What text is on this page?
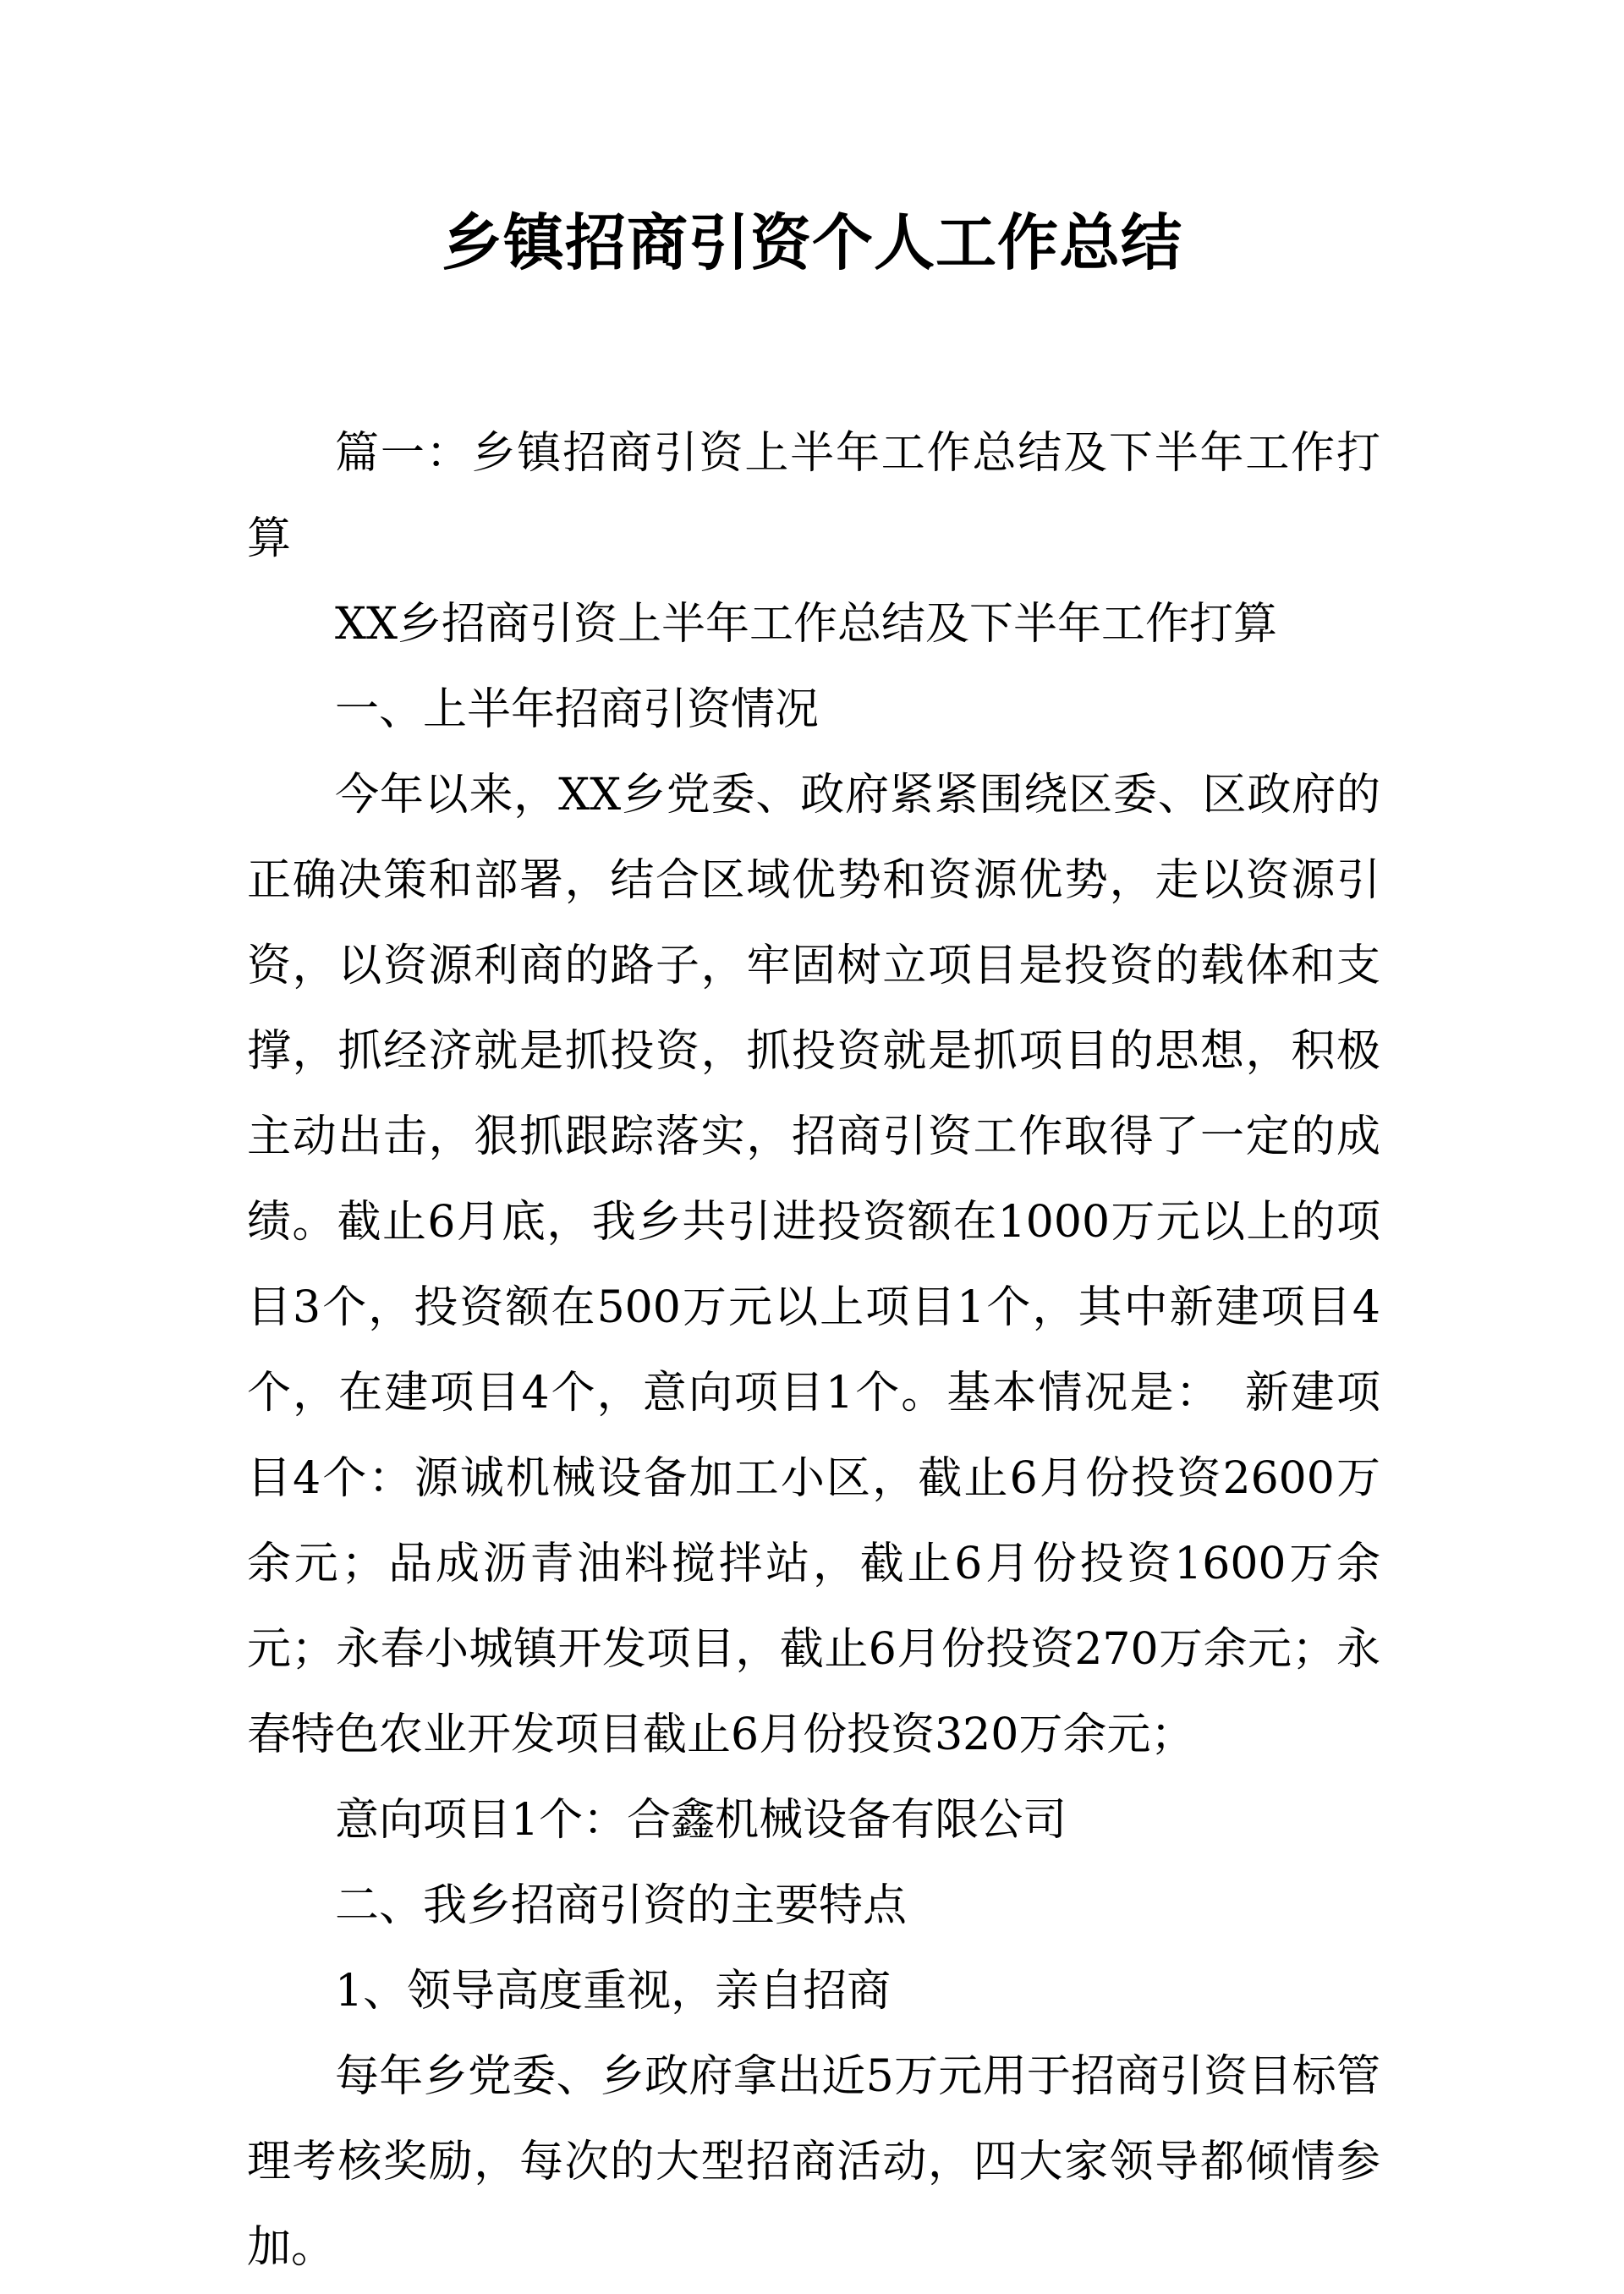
乡镇招商引资个人工作总结

篇一：乡镇招商引资上半年工作总结及下半年工作打算

XX乡招商引资上半年工作总结及下半年工作打算

一、上半年招商引资情况

今年以来，XX乡党委、政府紧紧围绕区委、区政府的正确决策和部署，结合区域优势和资源优势，走以资源引资，以资源利商的路子，牢固树立项目是投资的载体和支撑，抓经济就是抓投资，抓投资就是抓项目的思想，积极主动出击，狠抓跟踪落实，招商引资工作取得了一定的成绩。截止6月底，我乡共引进投资额在1000万元以上的项目3个，投资额在500万元以上项目1个，其中新建项目4个，在建项目4个，意向项目1个。基本情况是：　新建项目4个：源诚机械设备加工小区，截止6月份投资2600万余元；品成沥青油料搅拌站，截止6月份投资1600万余元；永春小城镇开发项目，截止6月份投资270万余元；永春特色农业开发项目截止6月份投资320万余元；

意向项目1个：合鑫机械设备有限公司

二、我乡招商引资的主要特点

1、领导高度重视，亲自招商

每年乡党委、乡政府拿出近5万元用于招商引资目标管理考核奖励，每次的大型招商活动，四大家领导都倾情参加。
